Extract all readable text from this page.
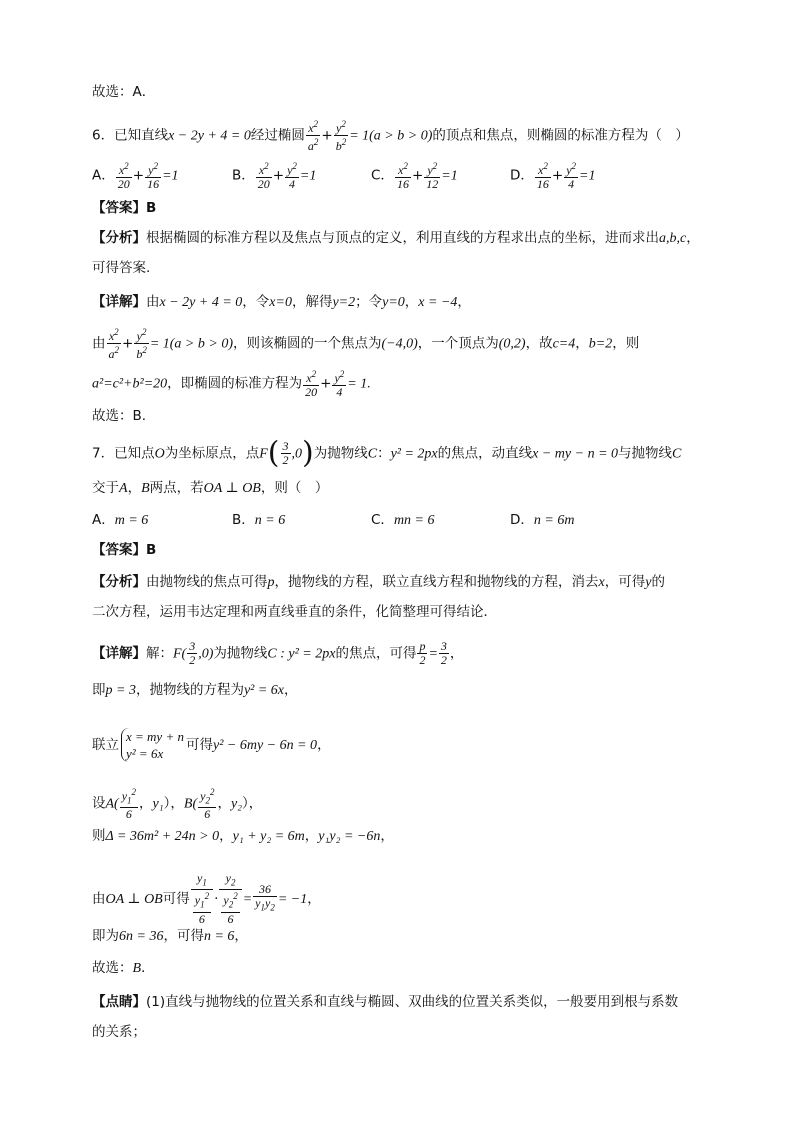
故选：A．
6．已知直线x − 2y + 4 = 0经过椭圆 $\frac{x^2}{a^2} + \frac{y^2}{b^2} = 1(a > b > 0)$的顶点和焦点，则椭圆的标准方程为（　）
A． $\frac{x^2}{20} + \frac{y^2}{16} =1$	B． $\frac{x^2}{20} + \frac{y^2}{4} =1$	C． $\frac{x^2}{16} + \frac{y^2}{12} =1$	D． $\frac{x^2}{16} + \frac{y^2}{4} =1$
【答案】B
【分析】根据椭圆的标准方程以及焦点与顶点的定义，利用直线的方程求出点的坐标，进而求出a,b,c，
可得答案.
【详解】由x − 2y + 4 = 0，令x=0，解得y=2；令y=0，x = −4，
由 $\frac{x^2}{a^2} + \frac{y^2}{b^2} = 1(a > b > 0)$，则该椭圆的一个焦点为(−4,0)，一个顶点为(0,2)，故c=4，b=2，则
a²=c²+b²=20，即椭圆的标准方程为 $\frac{x^2}{20} + \frac{y^2}{4} = 1$.
故选：B.
7．已知点O为坐标原点，点$F( \frac{3}{2} ,0)$为抛物线C：y² = 2px的焦点，动直线x − my − n = 0与抛物线C
交于A，B两点，若OA ⊥ OB，则（　）
A．m = 6	B．n = 6	C．mn = 6	D．n = 6m
【答案】B
【分析】由抛物线的焦点可得p，抛物线的方程，联立直线方程和抛物线的方程，消去x，可得y的
二次方程，运用韦达定理和两直线垂直的条件，化简整理可得结论．
【详解】解：$F( \frac{3}{2} ,0)$为抛物线C : y² = 2px的焦点，可得 $\frac{p}{2} = \frac{3}{2}$ ，
即p = 3，抛物线的方程为y² = 6x，
联立
x = my + n
y² = 6x
可得y² − 6my − 6n = 0，
设$A( \frac{y_1^2}{6}$ ，y₁），$B( \frac{y_2^2}{6}$ ，y₂），
则Δ = 36m² + 24n > 0，y₁ + y₂ = 6m，y₁y₂ = −6n，
由OA ⊥ OB可得 $\frac{y_1}{\frac{y_1^2}{6}} \cdot \frac{y_2}{\frac{y_2^2}{6}} = \frac{36}{y_1y_2} = -1$，
即为6n = 36，可得n = 6，
故选：B．
【点睛】(1)直线与抛物线的位置关系和直线与椭圆、双曲线的位置关系类似，一般要用到根与系数
的关系；
